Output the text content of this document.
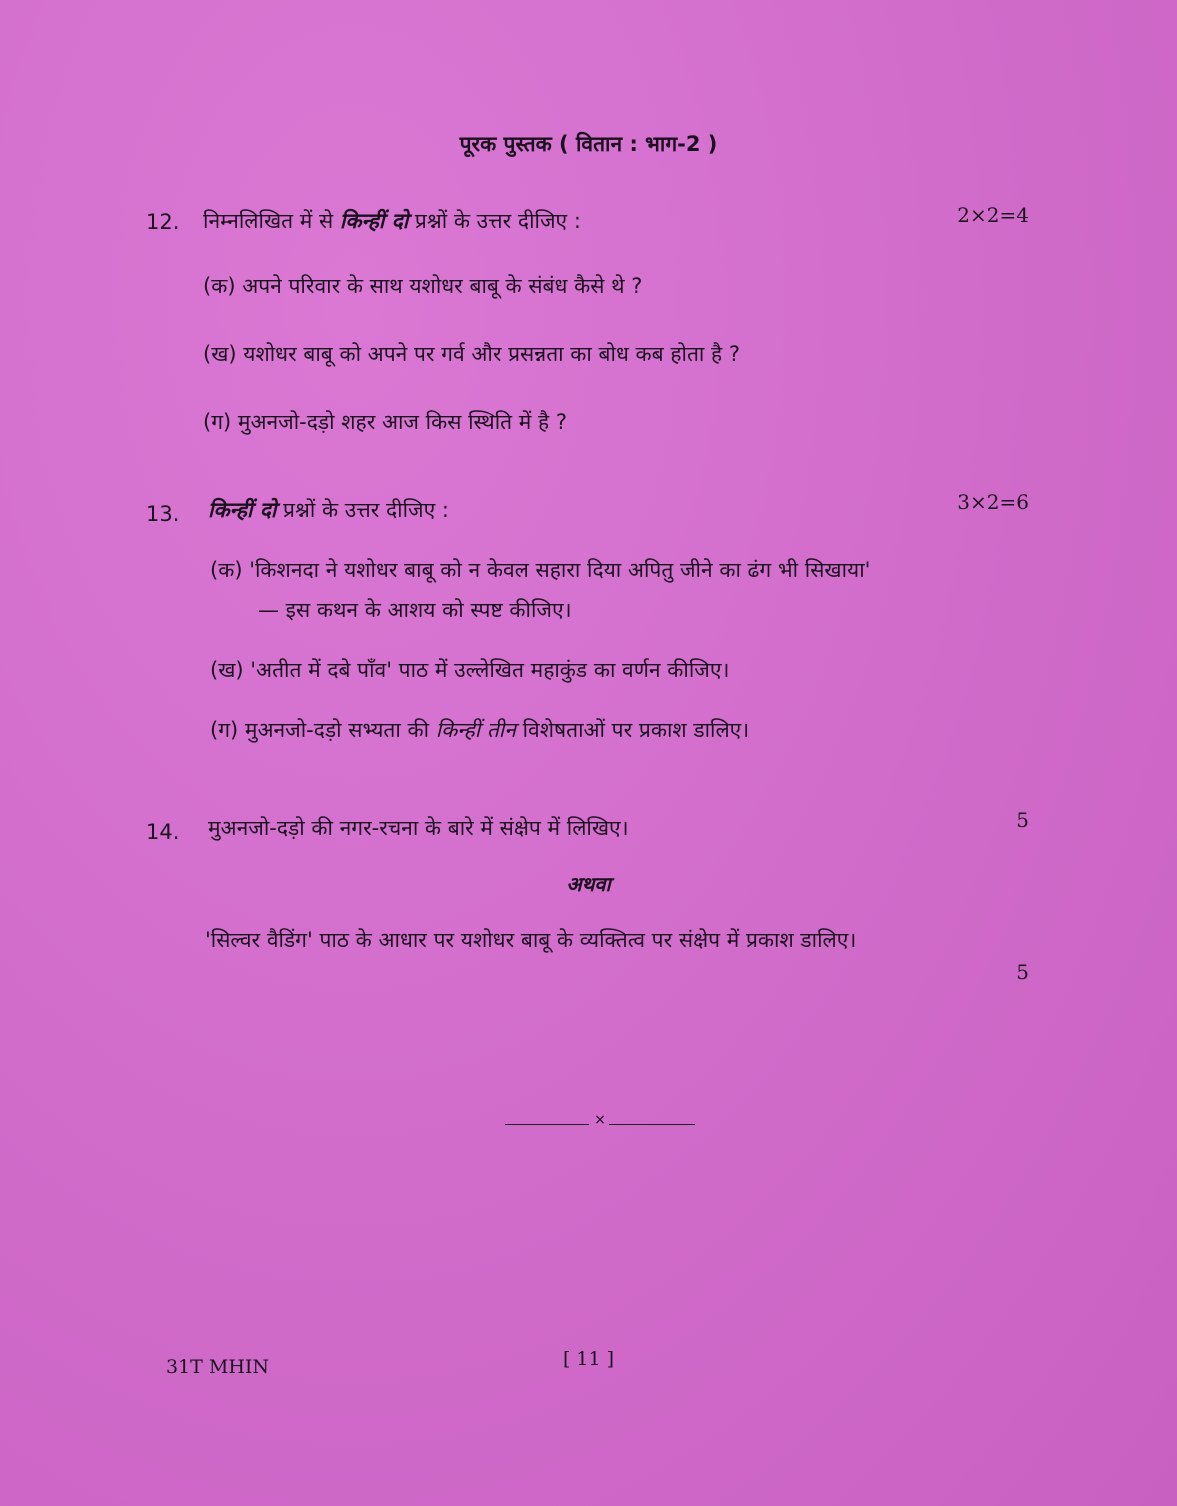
पूरक पुस्तक ( वितान : भाग-2 )
12. निम्नलिखित में से किन्हीं दो प्रश्नों के उत्तर दीजिए :	2×2=4
(क) अपने परिवार के साथ यशोधर बाबू के संबंध कैसे थे ?
(ख) यशोधर बाबू को अपने पर गर्व और प्रसन्नता का बोध कब होता है ?
(ग) मुअनजो-दड़ो शहर आज किस स्थिति में है ?
13. किन्हीं दो प्रश्नों के उत्तर दीजिए :	3×2=6
(क) 'किशनदा ने यशोधर बाबू को न केवल सहारा दिया अपितु जीने का ढंग भी सिखाया'
— इस कथन के आशय को स्पष्ट कीजिए।
(ख) 'अतीत में दबे पाँव' पाठ में उल्लेखित महाकुंड का वर्णन कीजिए।
(ग) मुअनजो-दड़ो सभ्यता की किन्हीं तीन विशेषताओं पर प्रकाश डालिए।
14. मुअनजो-दड़ो की नगर-रचना के बारे में संक्षेप में लिखिए।	5
अथवा
'सिल्वर वैडिंग' पाठ के आधार पर यशोधर बाबू के व्यक्तित्व पर संक्षेप में प्रकाश डालिए।
5
×
31T MHIN	[ 11 ]
